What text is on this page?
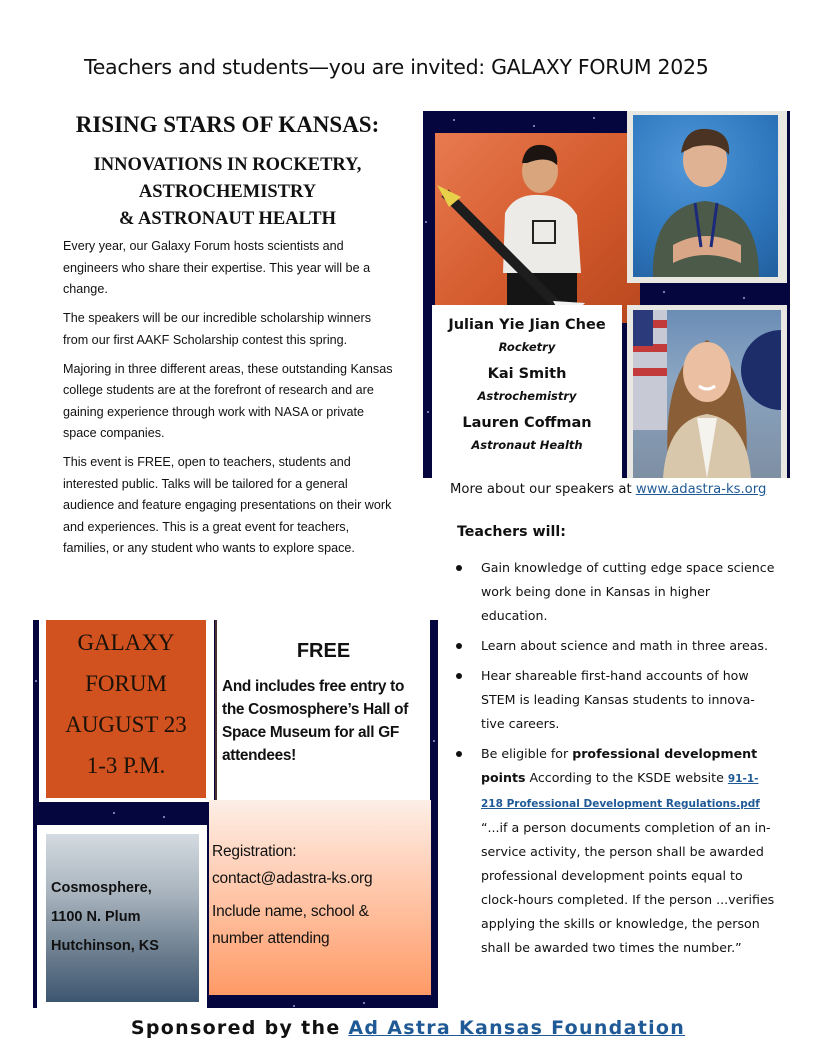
Teachers and students—you are invited: GALAXY FORUM 2025
RISING STARS OF KANSAS:
INNOVATIONS IN ROCKETRY,
ASTROCHEMISTRY
& ASTRONAUT HEALTH

Every year, our Galaxy Forum hosts scientists and engineers who share their expertise. This year will be a change.

The speakers will be our incredible scholarship winners from our first AAKF Scholarship contest this spring.

Majoring in three different areas, these outstanding Kansas college students are at the forefront of research and are gaining experience through work with NASA or private space companies.

This event is FREE, open to teachers, students and interested public. Talks will be tailored for a general audience and feature engaging presentations on their work and experiences. This is a great event for teachers, families, or any student who wants to explore space.

Julian Yie Jian Chee
Rocketry
Kai Smith
Astrochemistry
Lauren Coffman
Astronaut Health
More about our speakers at www.adastra-ks.org
Teachers will:
Gain knowledge of cutting edge space science work being done in Kansas in higher education.
Learn about science and math in three areas.
Hear shareable first-hand accounts of how STEM is leading Kansas students to innova-tive careers.
Be eligible for professional development points According to the KSDE website 91-1-218 Professional Development Regulations.pdf “...if a person documents completion of an in-service activity, the person shall be awarded professional development points equal to clock-hours completed. If the person ...verifies applying the skills or knowledge, the person shall be awarded two times the number.”
GALAXY
FORUM
AUGUST 23
1-3 P.M.
FREE
And includes free entry to the Cosmosphere’s Hall of Space Museum for all GF attendees!
Registration:
contact@adastra-ks.org
Include name, school &
number attending
Cosmosphere,
1100 N. Plum
Hutchinson, KS
Sponsored by the Ad Astra Kansas Foundation
